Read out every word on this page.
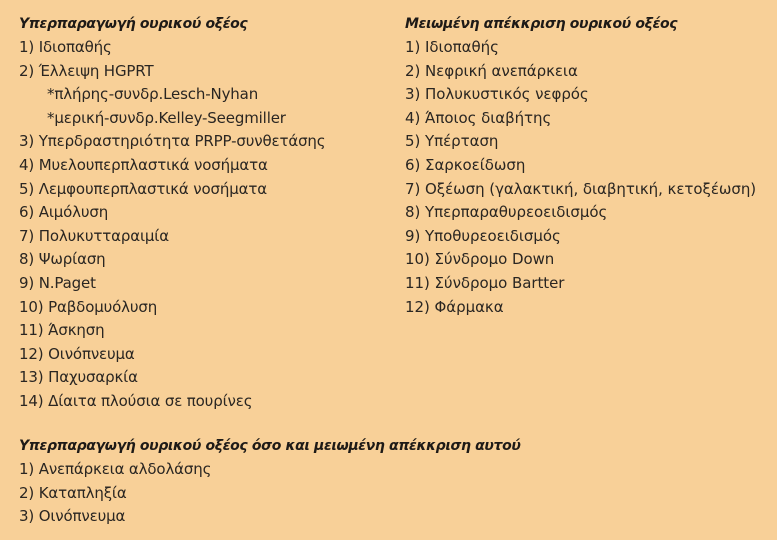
Υπερπαραγωγή ουρικού οξέος
1) Ιδιοπαθής
2) Έλλειψη HGPRT
*πλήρης-συνδρ.Lesch-Nyhan
*μερική-συνδρ.Kelley-Seegmiller
3) Υπερδραστηριότητα PRPP-συνθετάσης
4) Μυελουπερπλαστικά νοσήματα
5) Λεμφουπερπλαστικά νοσήματα
6) Αιμόλυση
7) Πολυκυτταραιμία
8) Ψωρίαση
9) N.Paget
10) Ραβδομυόλυση
11) Άσκηση
12) Οινόπνευμα
13) Παχυσαρκία
14) Δίαιτα πλούσια σε πουρίνες
Μειωμένη απέκκριση ουρικού οξέος
1) Ιδιοπαθής
2) Νεφρική ανεπάρκεια
3) Πολυκυστικός νεφρός
4) Άποιος διαβήτης
5) Υπέρταση
6) Σαρκοείδωση
7) Οξέωση (γαλακτική, διαβητική, κετοξέωση)
8) Υπερπαραθυρεοειδισμός
9) Υποθυρεοειδισμός
10) Σύνδρομο Down
11) Σύνδρομο Bartter
12) Φάρμακα
Υπερπαραγωγή ουρικού οξέος όσο και μειωμένη απέκκριση αυτού
1) Ανεπάρκεια αλδολάσης
2) Καταπληξία
3) Οινόπνευμα
